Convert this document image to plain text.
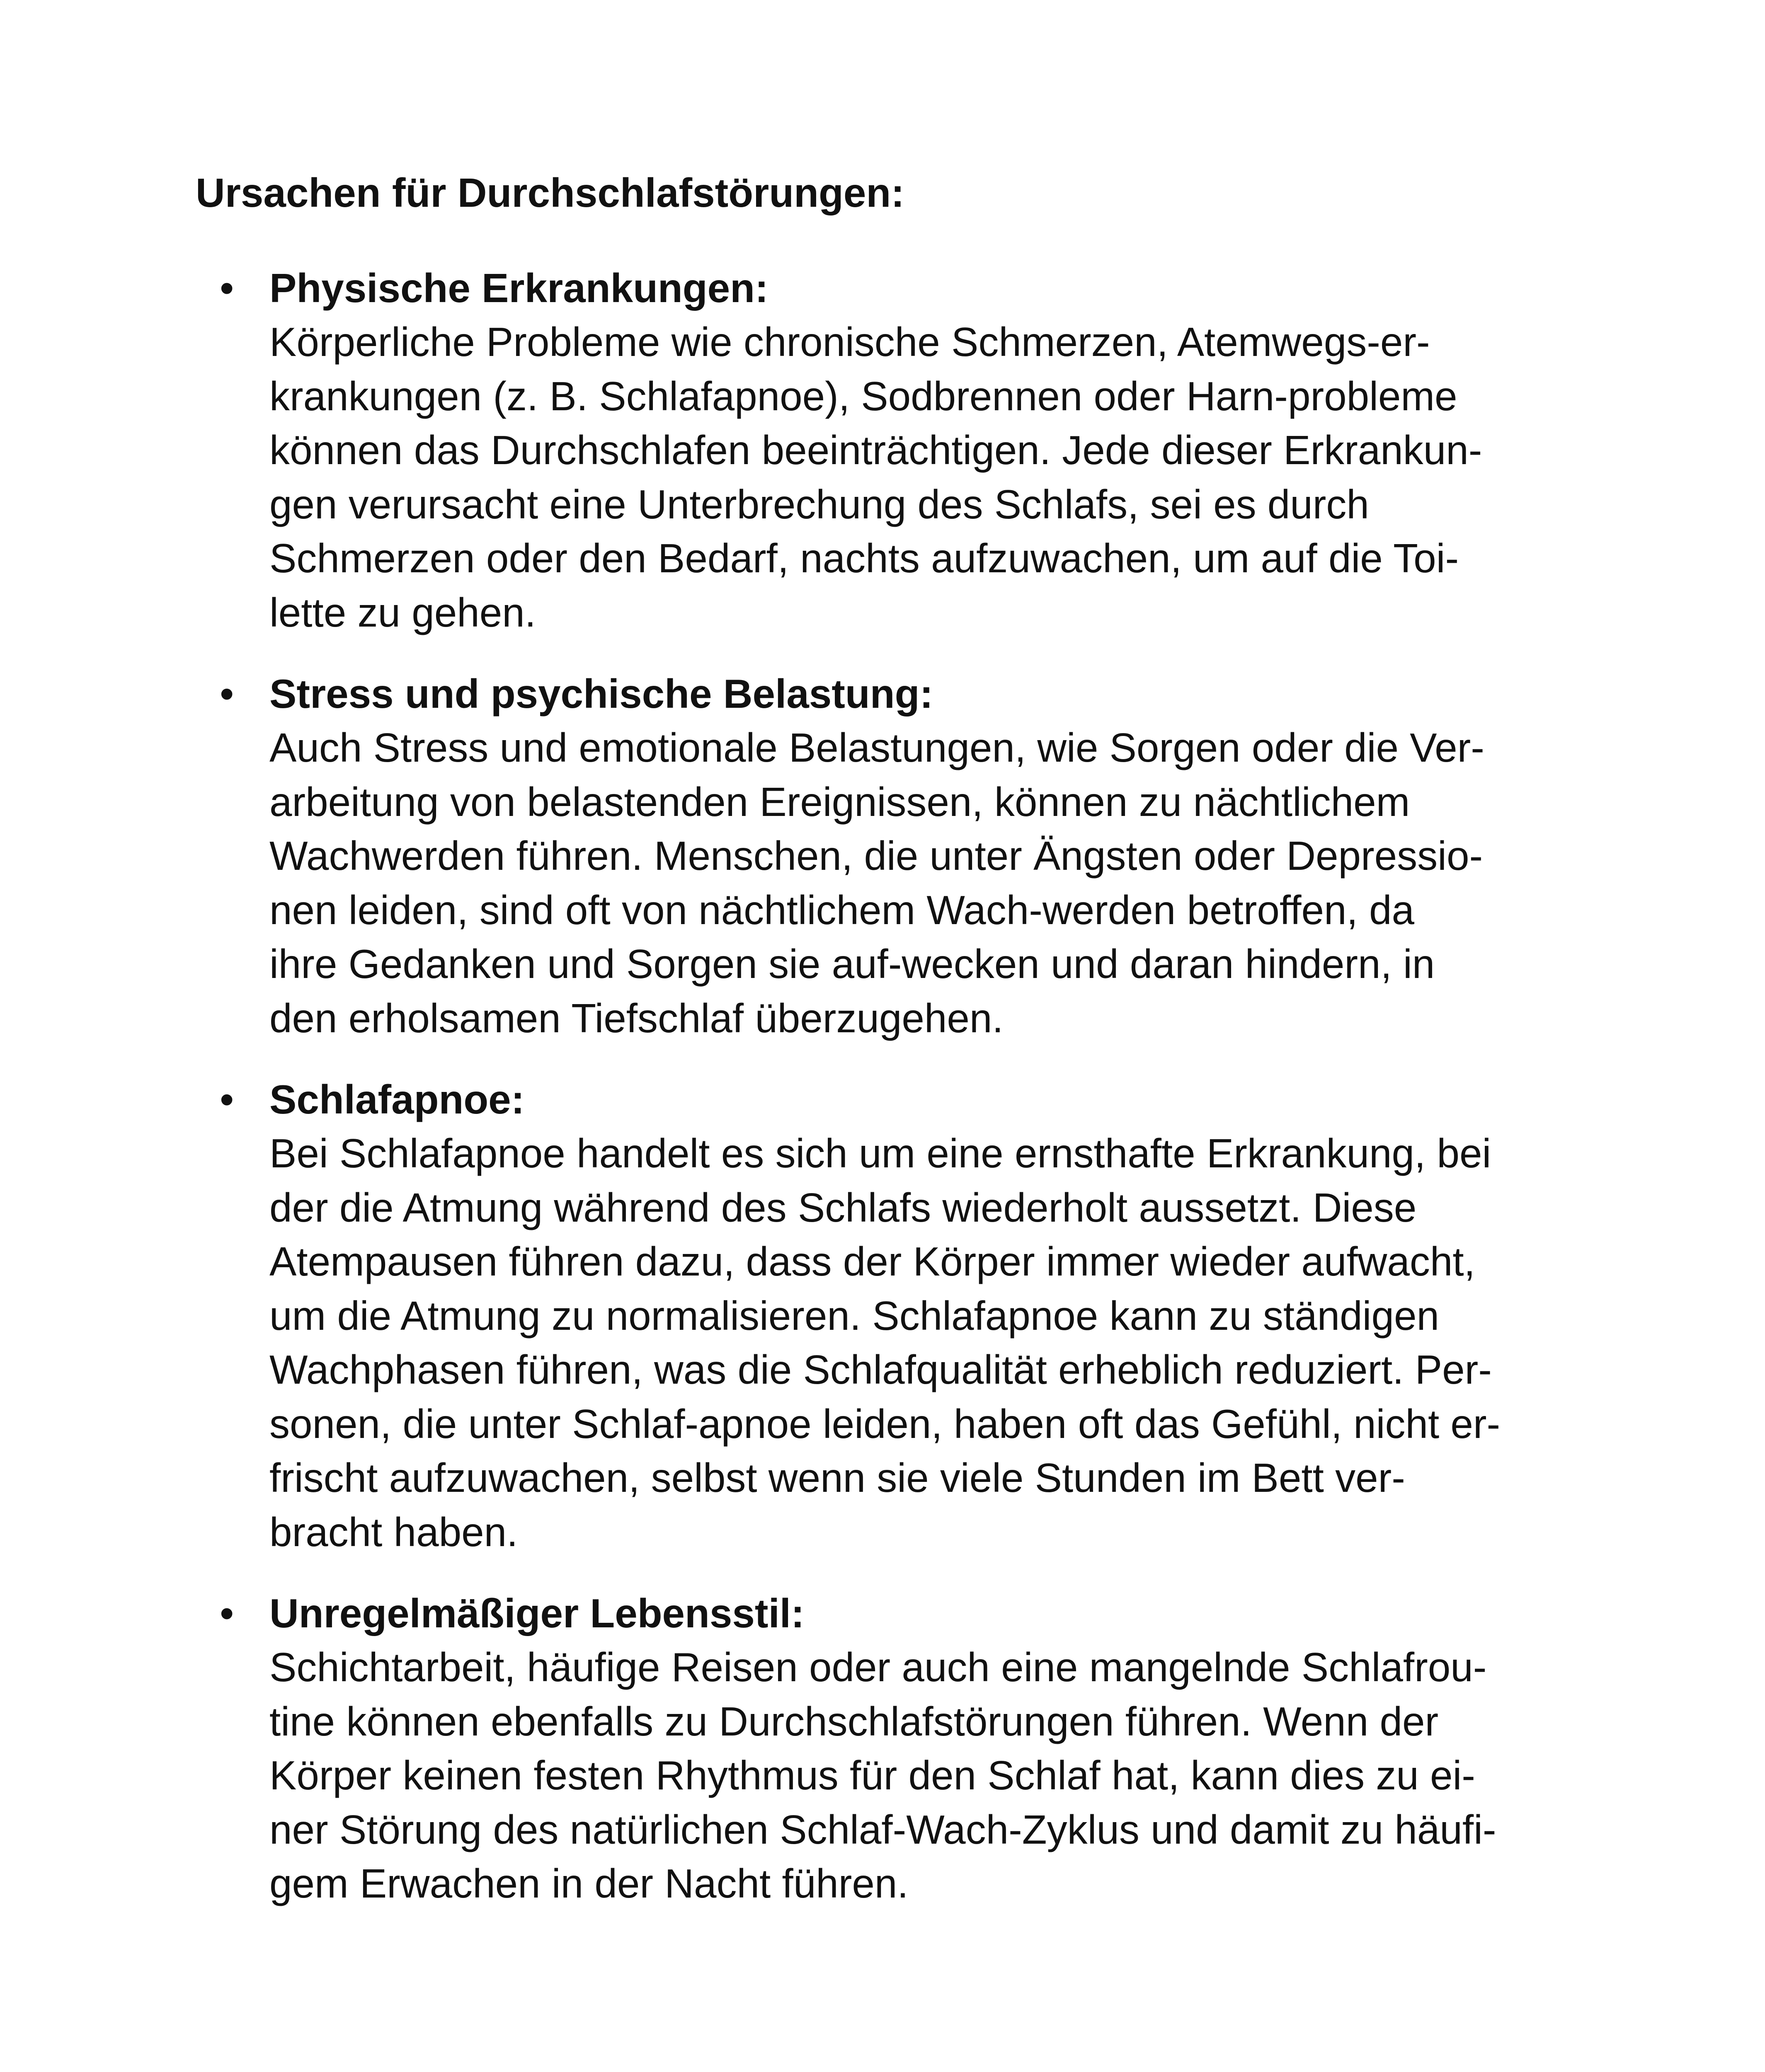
Ursachen für Durchschlafstörungen:
• Physische Erkrankungen:
Körperliche Probleme wie chronische Schmerzen, Atemwegs-er-
krankungen (z. B. Schlafapnoe), Sodbrennen oder Harn-probleme
können das Durchschlafen beeinträchtigen. Jede dieser Erkrankun-
gen verursacht eine Unterbrechung des Schlafs, sei es durch
Schmerzen oder den Bedarf, nachts aufzuwachen, um auf die Toi-
lette zu gehen.
• Stress und psychische Belastung:
Auch Stress und emotionale Belastungen, wie Sorgen oder die Ver-
arbeitung von belastenden Ereignissen, können zu nächtlichem
Wachwerden führen. Menschen, die unter Ängsten oder Depressio-
nen leiden, sind oft von nächtlichem Wach-werden betroffen, da
ihre Gedanken und Sorgen sie auf-wecken und daran hindern, in
den erholsamen Tiefschlaf überzugehen.
• Schlafapnoe:
Bei Schlafapnoe handelt es sich um eine ernsthafte Erkrankung, bei
der die Atmung während des Schlafs wiederholt aussetzt. Diese
Atempausen führen dazu, dass der Körper immer wieder aufwacht,
um die Atmung zu normalisieren. Schlafapnoe kann zu ständigen
Wachphasen führen, was die Schlafqualität erheblich reduziert. Per-
sonen, die unter Schlaf-apnoe leiden, haben oft das Gefühl, nicht er-
frischt aufzuwachen, selbst wenn sie viele Stunden im Bett ver-
bracht haben.
• Unregelmäßiger Lebensstil:
Schichtarbeit, häufige Reisen oder auch eine mangelnde Schlafrou-
tine können ebenfalls zu Durchschlafstörungen führen. Wenn der
Körper keinen festen Rhythmus für den Schlaf hat, kann dies zu ei-
ner Störung des natürlichen Schlaf-Wach-Zyklus und damit zu häufi-
gem Erwachen in der Nacht führen.
